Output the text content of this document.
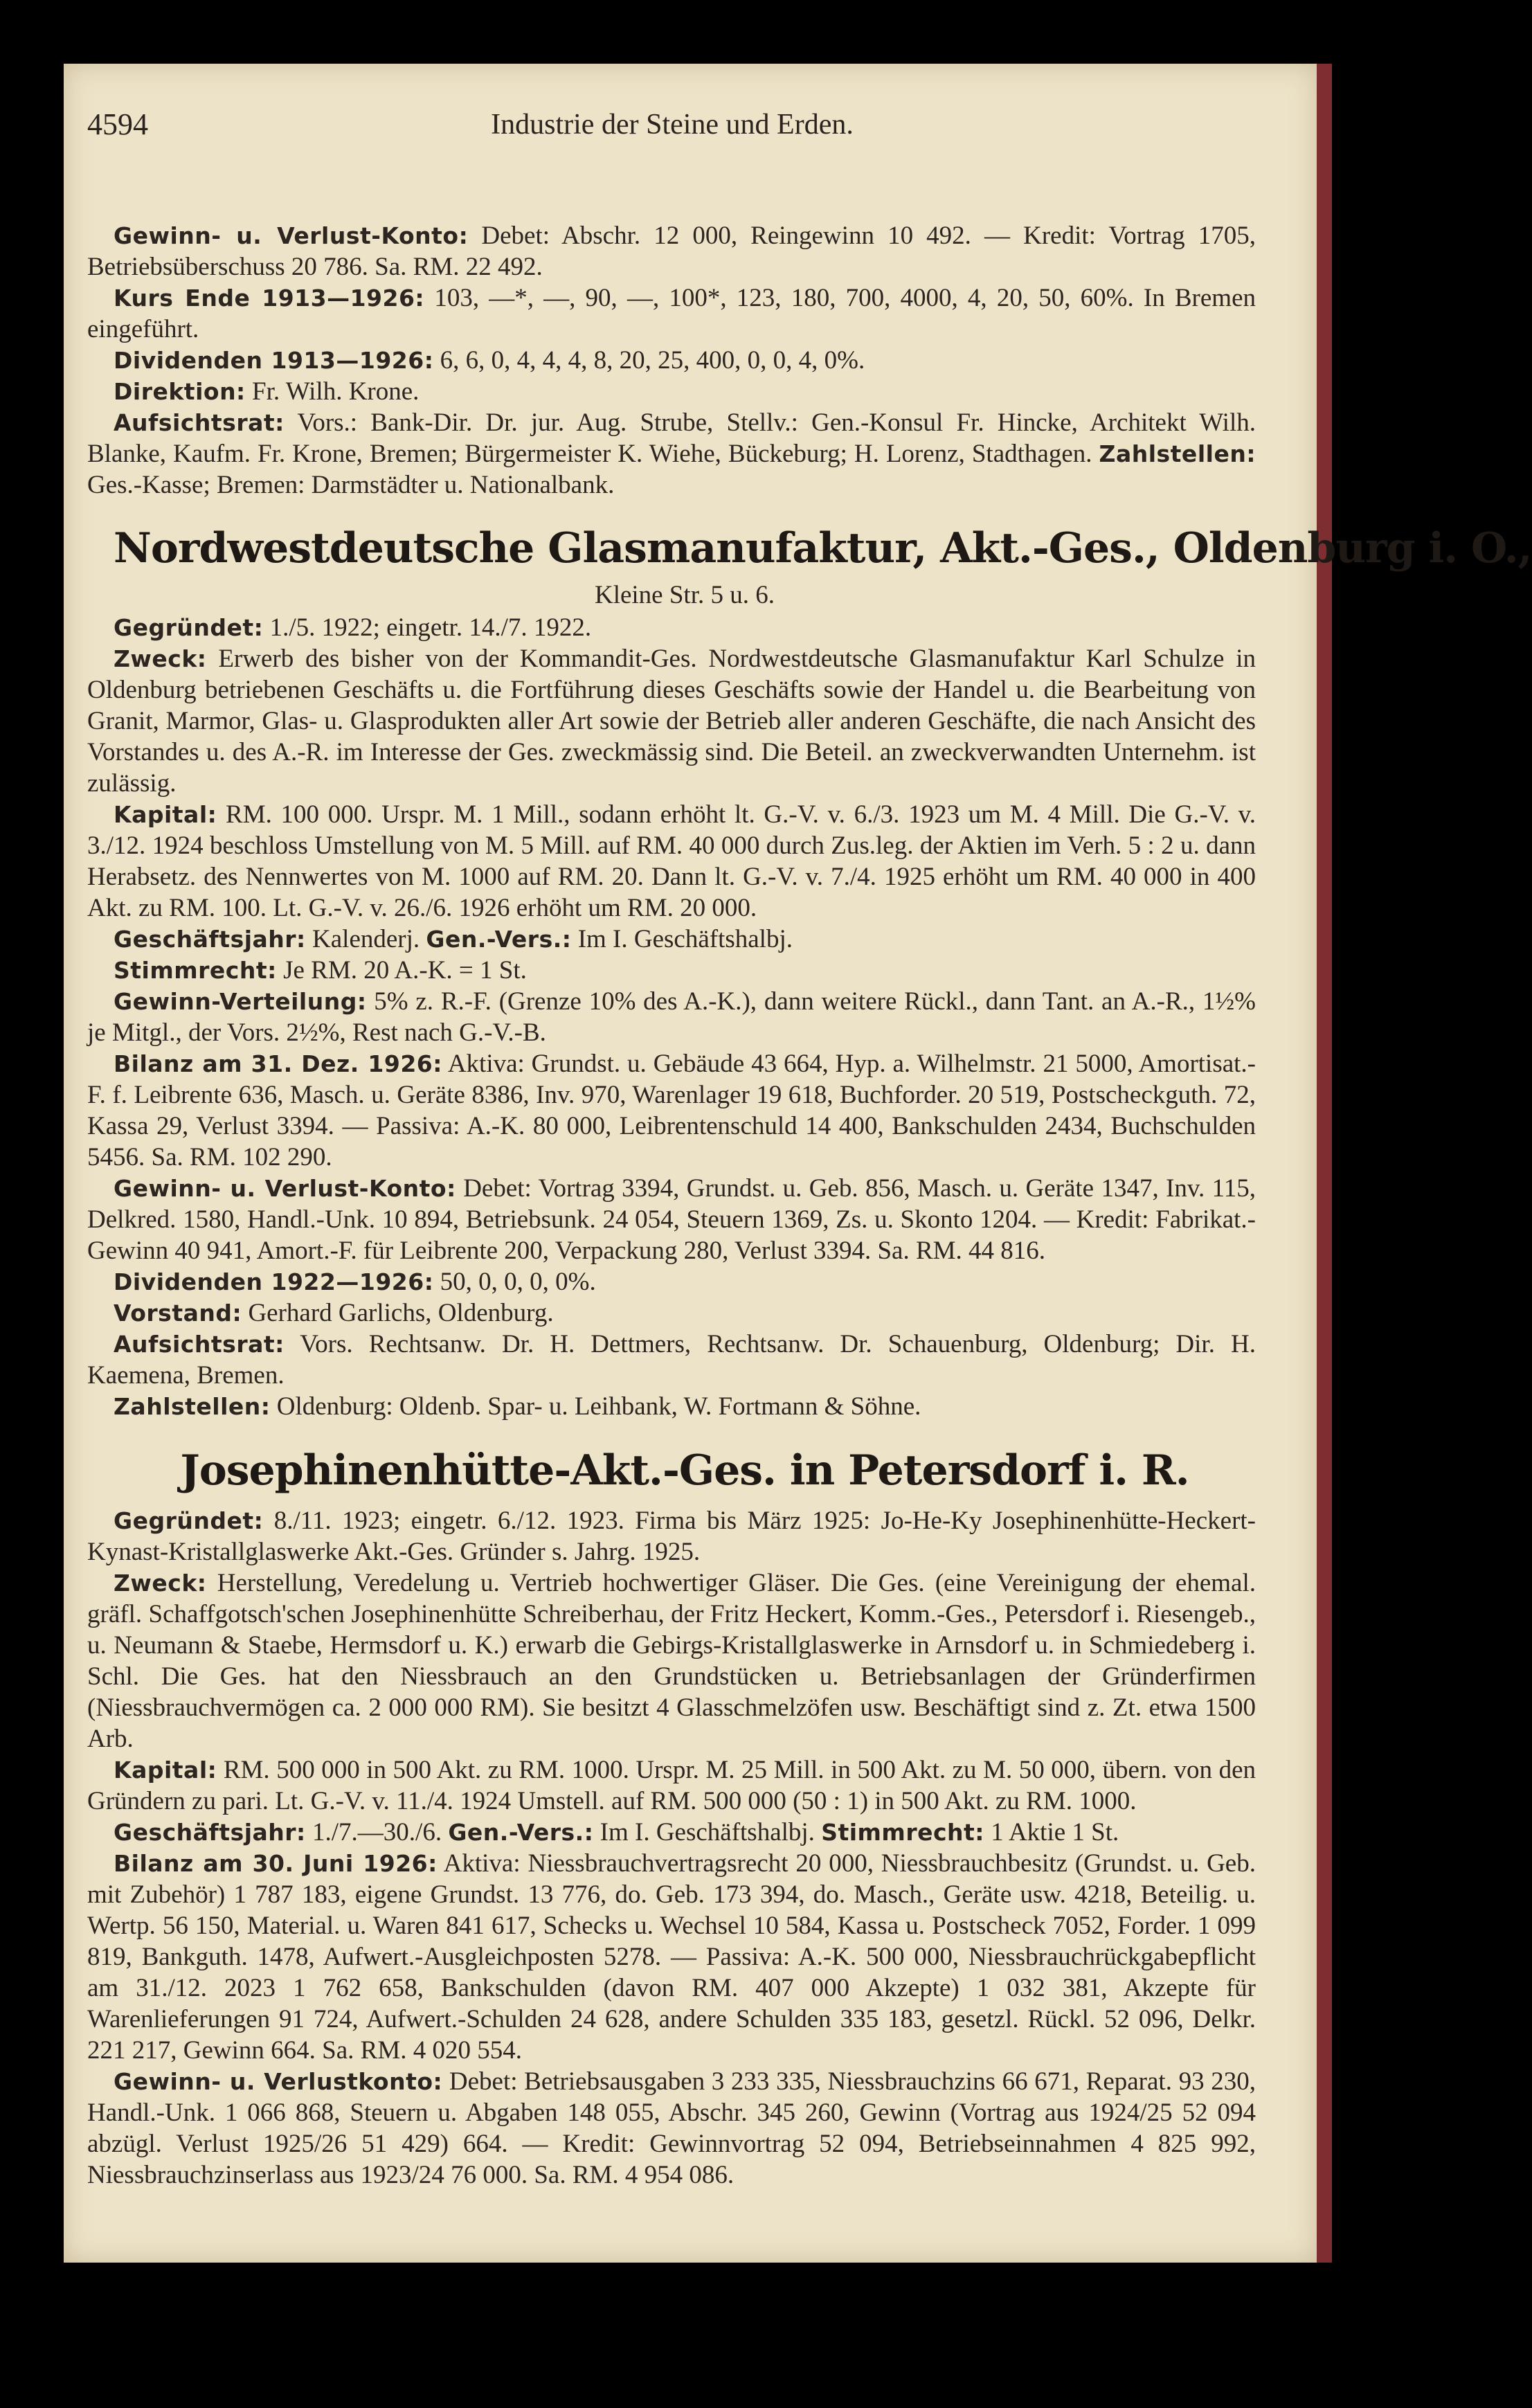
4594	Industrie der Steine und Erden.

Gewinn- u. Verlust-Konto: Debet: Abschr. 12 000, Reingewinn 10 492. — Kredit: Vortrag 1705, Betriebsüberschuss 20 786. Sa. RM. 22 492.

Kurs Ende 1913—1926: 103, —*, —, 90, —, 100*, 123, 180, 700, 4000, 4, 20, 50, 60%. In Bremen eingeführt.

Dividenden 1913—1926: 6, 6, 0, 4, 4, 4, 8, 20, 25, 400, 0, 0, 4, 0%.

Direktion: Fr. Wilh. Krone.

Aufsichtsrat: Vors.: Bank-Dir. Dr. jur. Aug. Strube, Stellv.: Gen.-Konsul Fr. Hincke, Architekt Wilh. Blanke, Kaufm. Fr. Krone, Bremen; Bürgermeister K. Wiehe, Bückeburg; H. Lorenz, Stadthagen. Zahlstellen: Ges.-Kasse; Bremen: Darmstädter u. Nationalbank.

Nordwestdeutsche Glasmanufaktur, Akt.-Ges., Oldenburg i. O.,

Kleine Str. 5 u. 6.

Gegründet: 1./5. 1922; eingetr. 14./7. 1922.

Zweck: Erwerb des bisher von der Kommandit-Ges. Nordwestdeutsche Glasmanufaktur Karl Schulze in Oldenburg betriebenen Geschäfts u. die Fortführung dieses Geschäfts sowie der Handel u. die Bearbeitung von Granit, Marmor, Glas- u. Glasprodukten aller Art sowie der Betrieb aller anderen Geschäfte, die nach Ansicht des Vorstandes u. des A.-R. im Interesse der Ges. zweckmässig sind. Die Beteil. an zweckverwandten Unternehm. ist zulässig.

Kapital: RM. 100 000. Urspr. M. 1 Mill., sodann erhöht lt. G.-V. v. 6./3. 1923 um M. 4 Mill. Die G.-V. v. 3./12. 1924 beschloss Umstellung von M. 5 Mill. auf RM. 40 000 durch Zus.leg. der Aktien im Verh. 5 : 2 u. dann Herabsetz. des Nennwertes von M. 1000 auf RM. 20. Dann lt. G.-V. v. 7./4. 1925 erhöht um RM. 40 000 in 400 Akt. zu RM. 100. Lt. G.-V. v. 26./6. 1926 erhöht um RM. 20 000.

Geschäftsjahr: Kalenderj. Gen.-Vers.: Im I. Geschäftshalbj.

Stimmrecht: Je RM. 20 A.-K. = 1 St.

Gewinn-Verteilung: 5% z. R.-F. (Grenze 10% des A.-K.), dann weitere Rückl., dann Tant. an A.-R., 1½% je Mitgl., der Vors. 2½%, Rest nach G.-V.-B.

Bilanz am 31. Dez. 1926: Aktiva: Grundst. u. Gebäude 43 664, Hyp. a. Wilhelmstr. 21 5000, Amortisat.-F. f. Leibrente 636, Masch. u. Geräte 8386, Inv. 970, Warenlager 19 618, Buchforder. 20 519, Postscheckguth. 72, Kassa 29, Verlust 3394. — Passiva: A.-K. 80 000, Leibrentenschuld 14 400, Bankschulden 2434, Buchschulden 5456. Sa. RM. 102 290.

Gewinn- u. Verlust-Konto: Debet: Vortrag 3394, Grundst. u. Geb. 856, Masch. u. Geräte 1347, Inv. 115, Delkred. 1580, Handl.-Unk. 10 894, Betriebsunk. 24 054, Steuern 1369, Zs. u. Skonto 1204. — Kredit: Fabrikat.-Gewinn 40 941, Amort.-F. für Leibrente 200, Verpackung 280, Verlust 3394. Sa. RM. 44 816.

Dividenden 1922—1926: 50, 0, 0, 0, 0%.

Vorstand: Gerhard Garlichs, Oldenburg.

Aufsichtsrat: Vors. Rechtsanw. Dr. H. Dettmers, Rechtsanw. Dr. Schauenburg, Oldenburg; Dir. H. Kaemena, Bremen.

Zahlstellen: Oldenburg: Oldenb. Spar- u. Leihbank, W. Fortmann & Söhne.

Josephinenhütte-Akt.-Ges. in Petersdorf i. R.

Gegründet: 8./11. 1923; eingetr. 6./12. 1923. Firma bis März 1925: Jo-He-Ky Josephinenhütte-Heckert-Kynast-Kristallglaswerke Akt.-Ges. Gründer s. Jahrg. 1925.

Zweck: Herstellung, Veredelung u. Vertrieb hochwertiger Gläser. Die Ges. (eine Vereinigung der ehemal. gräfl. Schaffgotsch'schen Josephinenhütte Schreiberhau, der Fritz Heckert, Komm.-Ges., Petersdorf i. Riesengeb., u. Neumann & Staebe, Hermsdorf u. K.) erwarb die Gebirgs-Kristallglaswerke in Arnsdorf u. in Schmiedeberg i. Schl. Die Ges. hat den Niessbrauch an den Grundstücken u. Betriebsanlagen der Gründerfirmen (Niessbrauchvermögen ca. 2 000 000 RM). Sie besitzt 4 Glasschmelzöfen usw. Beschäftigt sind z. Zt. etwa 1500 Arb.

Kapital: RM. 500 000 in 500 Akt. zu RM. 1000. Urspr. M. 25 Mill. in 500 Akt. zu M. 50 000, übern. von den Gründern zu pari. Lt. G.-V. v. 11./4. 1924 Umstell. auf RM. 500 000 (50 : 1) in 500 Akt. zu RM. 1000.

Geschäftsjahr: 1./7.—30./6. Gen.-Vers.: Im I. Geschäftshalbj. Stimmrecht: 1 Aktie 1 St.

Bilanz am 30. Juni 1926: Aktiva: Niessbrauchvertragsrecht 20 000, Niessbrauchbesitz (Grundst. u. Geb. mit Zubehör) 1 787 183, eigene Grundst. 13 776, do. Geb. 173 394, do. Masch., Geräte usw. 4218, Beteilig. u. Wertp. 56 150, Material. u. Waren 841 617, Schecks u. Wechsel 10 584, Kassa u. Postscheck 7052, Forder. 1 099 819, Bankguth. 1478, Aufwert.-Ausgleichposten 5278. — Passiva: A.-K. 500 000, Niessbrauchrückgabepflicht am 31./12. 2023 1 762 658, Bankschulden (davon RM. 407 000 Akzepte) 1 032 381, Akzepte für Warenlieferungen 91 724, Aufwert.-Schulden 24 628, andere Schulden 335 183, gesetzl. Rückl. 52 096, Delkr. 221 217, Gewinn 664. Sa. RM. 4 020 554.

Gewinn- u. Verlustkonto: Debet: Betriebsausgaben 3 233 335, Niessbrauchzins 66 671, Reparat. 93 230, Handl.-Unk. 1 066 868, Steuern u. Abgaben 148 055, Abschr. 345 260, Gewinn (Vortrag aus 1924/25 52 094 abzügl. Verlust 1925/26 51 429) 664. — Kredit: Gewinnvortrag 52 094, Betriebseinnahmen 4 825 992, Niessbrauchzinserlass aus 1923/24 76 000. Sa. RM. 4 954 086.
